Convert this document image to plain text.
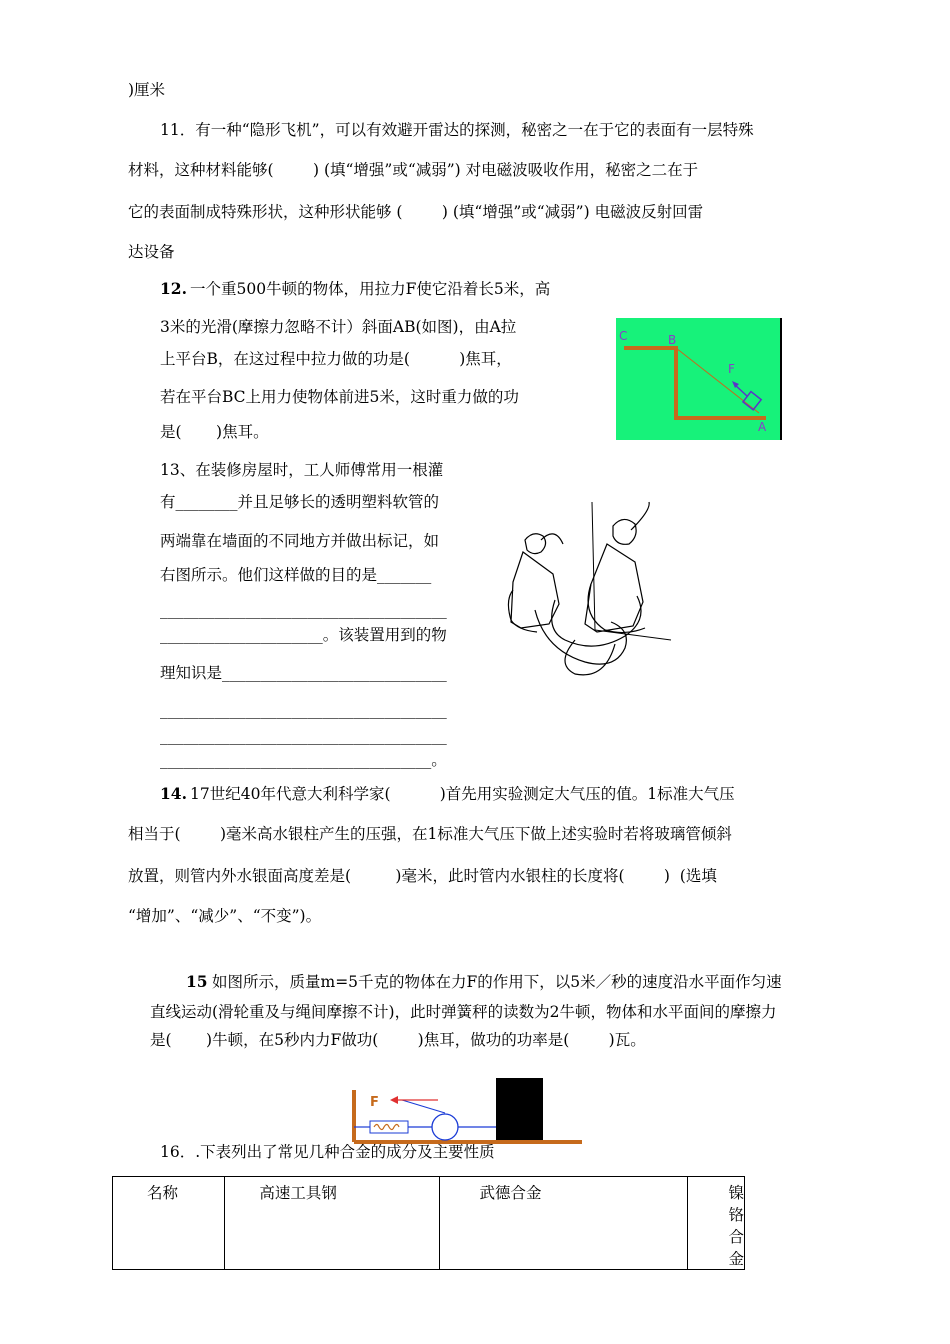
)厘米
11．有一种“隐形飞机”，可以有效避开雷达的探测，秘密之一在于它的表面有一层特殊
材料，这种材料能够(        ) (填“增强”或“减弱”) 对电磁波吸收作用，秘密之二在于
它的表面制成特殊形状，这种形状能够 (        ) (填“增强”或“减弱”) 电磁波反射回雷
达设备
12. 一个重500牛顿的物体，用拉力F使它沿着长5米，高
3米的光滑(摩擦力忽略不计）斜面AB(如图)，由A拉
上平台B，在这过程中拉力做的功是(          )焦耳，
若在平台BC上用力使物体前进5米，这时重力做的功
是(       )焦耳。
C	B
F
A
13、在装修房屋时，工人师傅常用一根灌
有________并且足够长的透明塑料软管的
两端靠在墙面的不同地方并做出标记，如
右图所示。他们这样做的目的是_______
_____________________________________
_____________________。该装置用到的物
理知识是_____________________________
_____________________________________
_____________________________________
___________________________________。
14. 17世纪40年代意大利科学家(          )首先用实验测定大气压的值。1标准大气压
相当于(        )毫米高水银柱产生的压强，在1标准大气压下做上述实验时若将玻璃管倾斜
放置，则管内外水银面高度差是(         )毫米，此时管内水银柱的长度将(        )  (选填
“增加”、“减少”、“不变”)。
15 如图所示，质量m=5千克的物体在力F的作用下，以5米／秒的速度沿水平面作匀速
直线运动(滑轮重及与绳间摩擦不计)，此时弹簧秤的读数为2牛顿，物体和水平面间的摩擦力
是(       )牛顿，在5秒内力F做功(        )焦耳，做功的功率是(        )瓦。
F
16．.下表列出了常见几种合金的成分及主要性质
名称	高速工具钢	武德合金	镍铬合金
